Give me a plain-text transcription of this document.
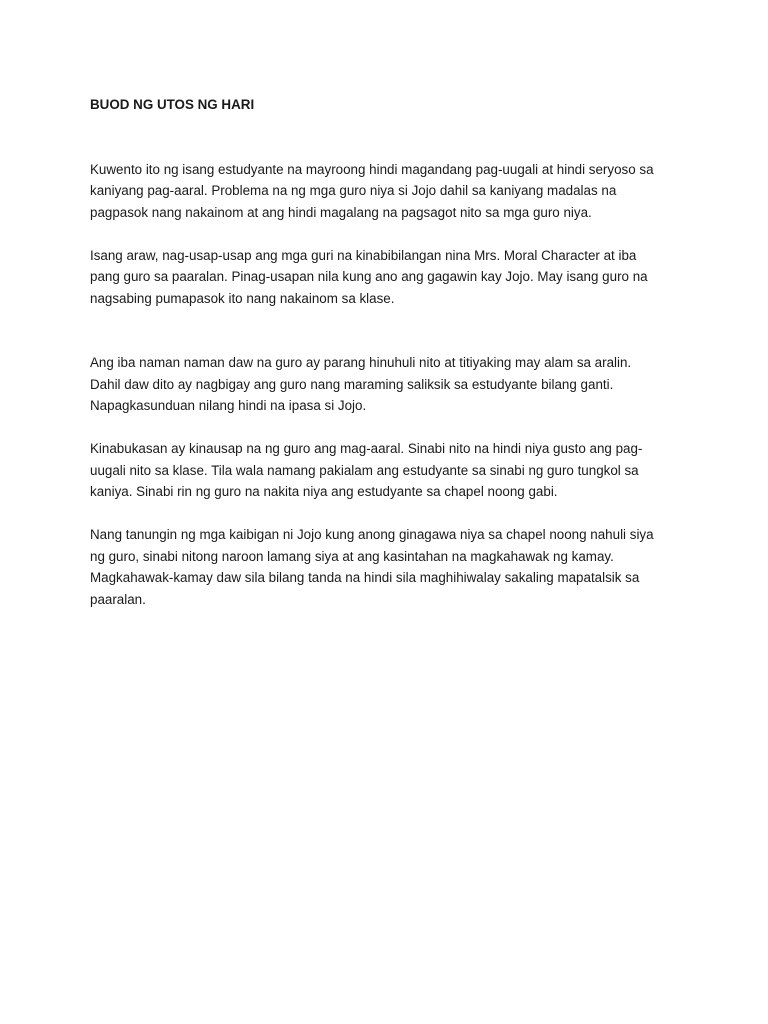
BUOD NG UTOS NG HARI

Kuwento ito ng isang estudyante na mayroong hindi magandang pag-uugali at hindi seryoso sa
kaniyang pag-aaral. Problema na ng mga guro niya si Jojo dahil sa kaniyang madalas na
pagpasok nang nakainom at ang hindi magalang na pagsagot nito sa mga guro niya.

Isang araw, nag-usap-usap ang mga guri na kinabibilangan nina Mrs. Moral Character at iba
pang guro sa paaralan. Pinag-usapan nila kung ano ang gagawin kay Jojo. May isang guro na
nagsabing pumapasok ito nang nakainom sa klase.

Ang iba naman naman daw na guro ay parang hinuhuli nito at titiyaking may alam sa aralin.
Dahil daw dito ay nagbigay ang guro nang maraming saliksik sa estudyante bilang ganti.
Napagkasunduan nilang hindi na ipasa si Jojo.

Kinabukasan ay kinausap na ng guro ang mag-aaral. Sinabi nito na hindi niya gusto ang pag-
uugali nito sa klase. Tila wala namang pakialam ang estudyante sa sinabi ng guro tungkol sa
kaniya. Sinabi rin ng guro na nakita niya ang estudyante sa chapel noong gabi.

Nang tanungin ng mga kaibigan ni Jojo kung anong ginagawa niya sa chapel noong nahuli siya
ng guro, sinabi nitong naroon lamang siya at ang kasintahan na magkahawak ng kamay.
Magkahawak-kamay daw sila bilang tanda na hindi sila maghihiwalay sakaling mapatalsik sa
paaralan.
